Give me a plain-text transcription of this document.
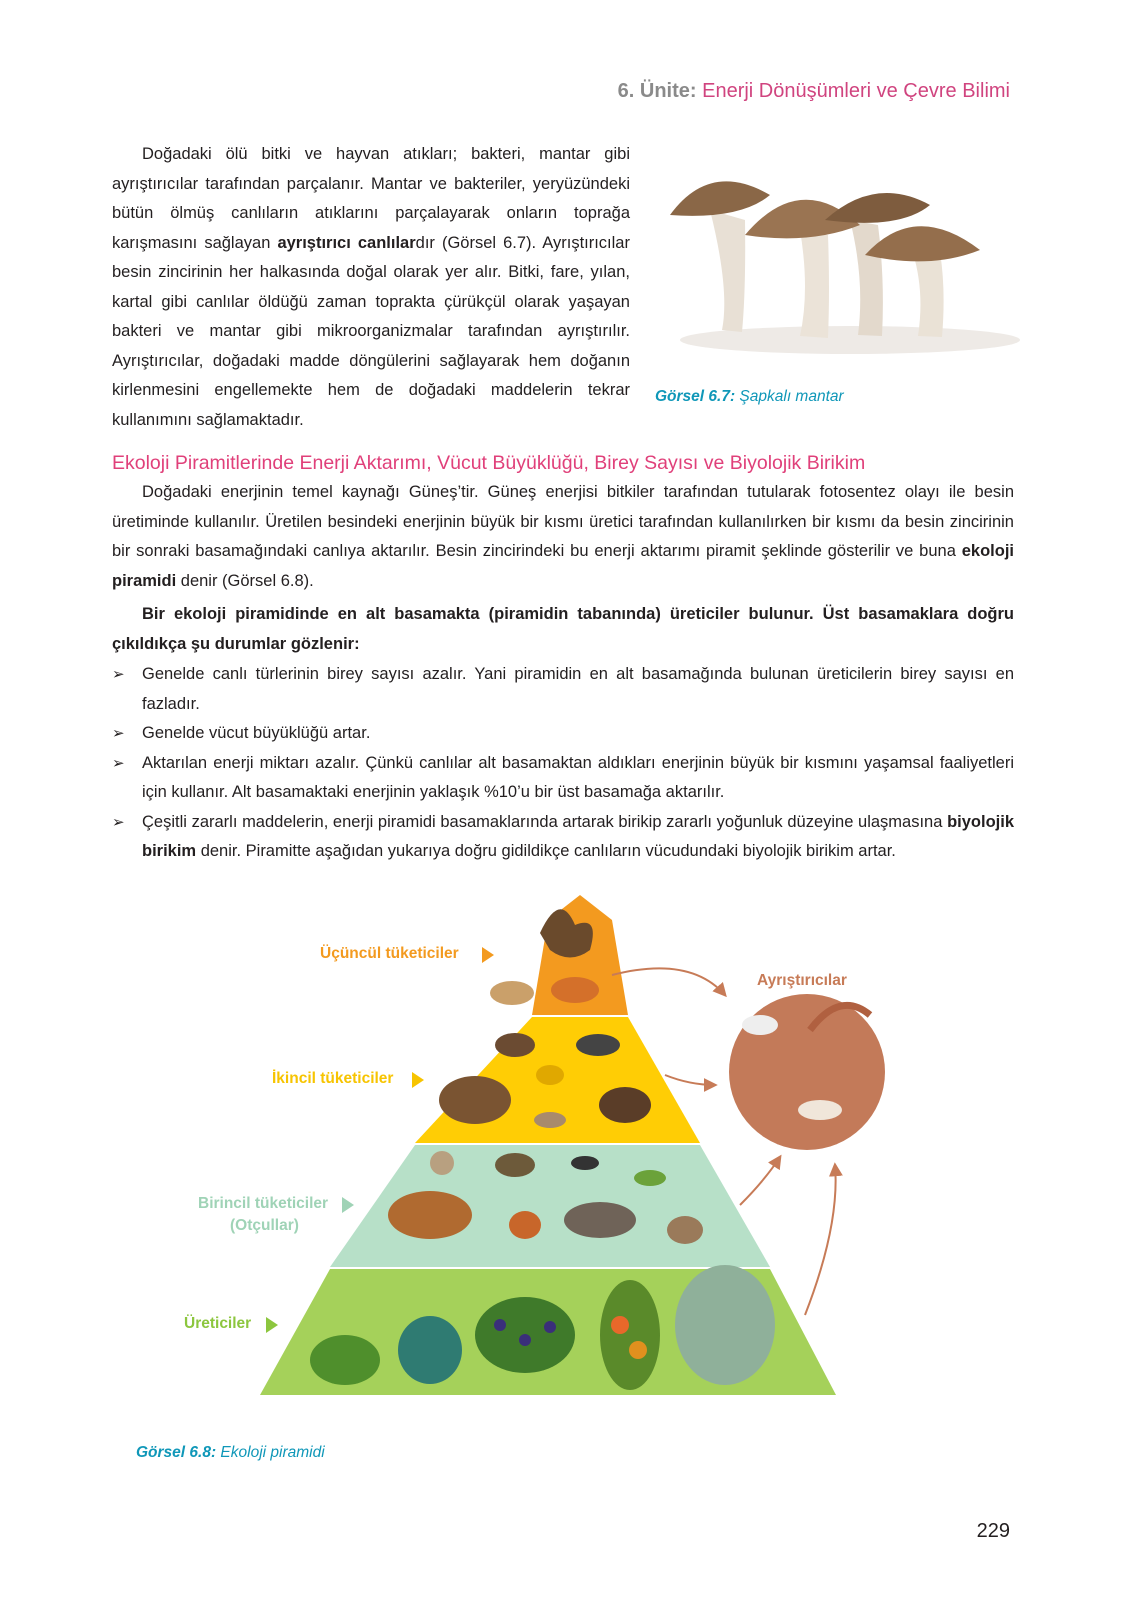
6. Ünite: Enerji Dönüşümleri ve Çevre Bilimi
Doğadaki ölü bitki ve hayvan atıkları; bakteri, mantar gibi ayrıştırıcılar tarafından parçalanır. Mantar ve bakteriler, yeryüzündeki bütün ölmüş canlıların atıklarını parçalayarak onların toprağa karışmasını sağlayan ayrıştırıcı canlılardır (Görsel 6.7). Ayrıştırıcılar besin zincirinin her halkasında doğal olarak yer alır. Bitki, fare, yılan, kartal gibi canlılar öldüğü zaman toprakta çürükçül olarak yaşayan bakteri ve mantar gibi mikroorganizmalar tarafından ayrıştırılır. Ayrıştırıcılar, doğadaki madde döngülerini sağlayarak hem doğanın kirlenmesini engellemekte hem de doğadaki maddelerin tekrar kullanımını sağlamaktadır.
Görsel 6.7: Şapkalı mantar
Ekoloji Piramitlerinde Enerji Aktarımı, Vücut Büyüklüğü, Birey Sayısı ve Biyolojik Birikim
Doğadaki enerjinin temel kaynağı Güneş’tir. Güneş enerjisi bitkiler tarafından tutularak fotosentez olayı ile besin üretiminde kullanılır. Üretilen besindeki enerjinin büyük bir kısmı üretici tarafından kullanılırken bir kısmı da besin zincirinin bir sonraki basamağındaki canlıya aktarılır. Besin zincirindeki bu enerji aktarımı piramit şeklinde gösterilir ve buna ekoloji piramidi denir (Görsel 6.8).
Bir ekoloji piramidinde en alt basamakta (piramidin tabanında) üreticiler bulunur. Üst basamaklara doğru çıkıldıkça şu durumlar gözlenir:
➢ Genelde canlı türlerinin birey sayısı azalır. Yani piramidin en alt basamağında bulunan üreticilerin birey sayısı en fazladır.
➢ Genelde vücut büyüklüğü artar.
➢ Aktarılan enerji miktarı azalır. Çünkü canlılar alt basamaktan aldıkları enerjinin büyük bir kısmını yaşamsal faaliyetleri için kullanır. Alt basamaktaki enerjinin yaklaşık %10’u bir üst basamağa aktarılır.
➢ Çeşitli zararlı maddelerin, enerji piramidi basamaklarında artarak birikip zararlı yoğunluk düzeyine ulaşmasına biyolojik birikim denir. Piramitte aşağıdan yukarıya doğru gidildikçe canlıların vücudundaki biyolojik birikim artar.
Üçüncül tüketiciler
İkincil tüketiciler
Birincil tüketiciler
(Otçullar)
Üreticiler
Ayrıştırıcılar
Görsel 6.8: Ekoloji piramidi
229
